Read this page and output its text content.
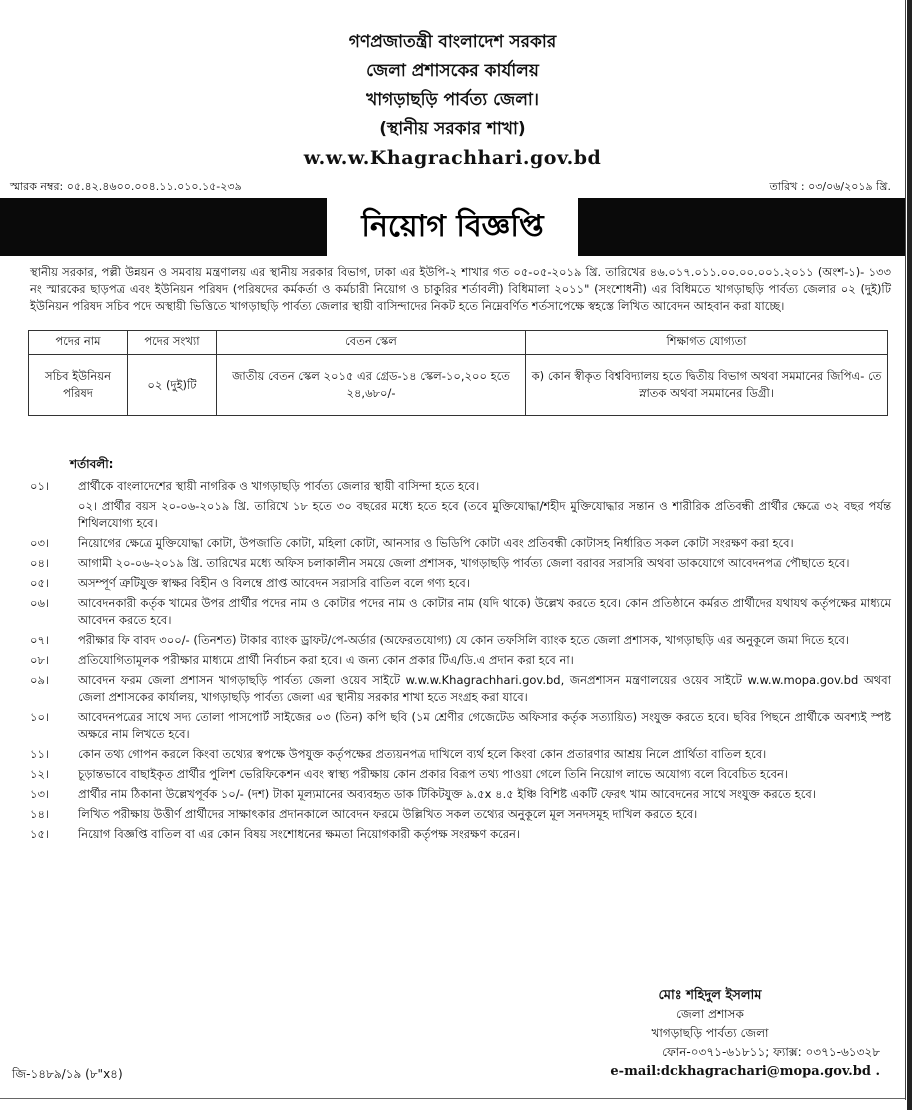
গণপ্রজাতন্ত্রী বাংলাদেশ সরকার
জেলা প্রশাসকের কার্যালয়
খাগড়াছড়ি পার্বত্য জেলা।
(স্থানীয় সরকার শাখা)
w.w.w.Khagrachhari.gov.bd
স্মারক নম্বর: ০৫.৪২.৪৬০০.০০৪.১১.০১০.১৫-২৩৯	তারিখ : ০৩/০৬/২০১৯ খ্রি.
নিয়োগ বিজ্ঞপ্তি
স্থানীয় সরকার, পল্লী উন্নয়ন ও সমবায় মন্ত্রণালয় এর স্থানীয় সরকার বিভাগ, ঢাকা এর ইউপি-২ শাখার গত ০৫-০৫-২০১৯ খ্রি. তারিখের ৪৬.০১৭.০১১.০০.০০.০০১.২০১১ (অংশ-১)- ১৩৩ নং স্মারকের ছাড়পত্র এবং ইউনিয়ন পরিষদ (পরিষদের কর্মকর্তা ও কর্মচারী নিয়োগ ও চাকুরির শর্তাবলী) বিধিমালা ২০১১" (সংশোধনী) এর বিধিমতে খাগড়াছড়ি পার্বত্য জেলার ০২ (দুই)টি ইউনিয়ন পরিষদ সচিব পদে অস্থায়ী ভিত্তিতে খাগড়াছড়ি পার্বত্য জেলার স্থায়ী বাসিন্দাদের নিকট হতে নিম্নেবর্ণিত শর্তসাপেক্ষে স্বহস্তে লিখিত আবেদন আহবান করা যাচ্ছে।
পদের নাম	পদের সংখ্যা	বেতন স্কেল	শিক্ষাগত যোগ্যতা
সচিব ইউনিয়ন পরিষদ	০২ (দুই)টি	জাতীয় বেতন স্কেল ২০১৫ এর গ্রেড-১৪ স্কেল-১০,২০০ হতে ২৪,৬৮০/-	ক) কোন স্বীকৃত বিশ্ববিদ্যালয় হতে দ্বিতীয় বিভাগ অথবা সমমানের জিপিএ- তে স্নাতক অথবা সমমানের ডিগ্রী।
শর্তাবলী:
০১।	প্রার্থীকে বাংলাদেশের স্থায়ী নাগরিক ও খাগড়াছড়ি পার্বত্য জেলার স্থায়ী বাসিন্দা হতে হবে।
০২। প্রার্থীর বয়স ২০-০৬-২০১৯ খ্রি. তারিখে ১৮ হতে ৩০ বছরের মধ্যে হতে হবে (তবে মুক্তিযোদ্ধা/শহীদ মুক্তিযোদ্ধার সন্তান ও শারীরিক প্রতিবন্ধী প্রার্থীর ক্ষেত্রে ৩২ বছর পর্যন্ত শিথিলযোগ্য হবে।
০৩।	নিয়োগের ক্ষেত্রে মুক্তিযোদ্ধা কোটা, উপজাতি কোটা, মহিলা কোটা, আনসার ও ভিডিপি কোটা এবং প্রতিবন্ধী কোটাসহ নির্ধারিত সকল কোটা সংরক্ষণ করা হবে।
০৪।	আগামী ২০-০৬-২০১৯ খ্রি. তারিখের মধ্যে অফিস চলাকালীন সময়ে জেলা প্রশাসক, খাগড়াছড়ি পার্বত্য জেলা বরাবর সরাসরি অথবা ডাকযোগে আবেদনপত্র পৌছাতে হবে।
০৫।	অসম্পূর্ণ ত্রুটিযুক্ত স্বাক্ষর বিহীন ও বিলম্বে প্রাপ্ত আবেদন সরাসরি বাতিল বলে গণ্য হবে।
০৬।	আবেদনকারী কর্তৃক খামের উপর প্রার্থীর পদের নাম ও কোটার পদের নাম ও কোটার নাম (যদি থাকে) উল্লেখ করতে হবে। কোন প্রতিষ্ঠানে কর্মরত প্রার্থীদের যথাযথ কর্তৃপক্ষের মাধ্যমে আবেদন করতে হবে।
০৭।	পরীক্ষার ফি বাবদ ৩০০/- (তিনশত) টাকার ব্যাংক ড্রাফট/পে-অর্ডার (অফেরতযোগ্য) যে কোন তফসিলি ব্যাংক হতে জেলা প্রশাসক, খাগড়াছড়ি এর অনুকূলে জমা দিতে হবে।
০৮।	প্রতিযোগিতামূলক পরীক্ষার মাধ্যমে প্রার্থী নির্বাচন করা হবে। এ জন্য কোন প্রকার টিএ/ডি.এ প্রদান করা হবে না।
০৯।	আবেদন ফরম জেলা প্রশাসন খাগড়াছড়ি পার্বত্য জেলা ওয়েব সাইটে w.w.w.Khagrachhari.gov.bd, জনপ্রশাসন মন্ত্রণালয়ের ওয়েব সাইটে w.w.w.mopa.gov.bd অথবা জেলা প্রশাসকের কার্যালয়, খাগড়াছড়ি পার্বত্য জেলা এর স্থানীয় সরকার শাখা হতে সংগ্রহ করা যাবে।
১০।	আবেদনপত্রের সাথে সদ্য তোলা পাসপোর্ট সাইজের ০৩ (তিন) কপি ছবি (১ম শ্রেণীর গেজেটেড অফিসার কর্তৃক সত্যায়িত) সংযুক্ত করতে হবে। ছবির পিছনে প্রার্থীকে অবশ্যই স্পষ্ট অক্ষরে নাম লিখতে হবে।
১১।	কোন তথ্য গোপন করলে কিংবা তথ্যের স্বপক্ষে উপযুক্ত কর্তৃপক্ষের প্রত্যয়নপত্র দাখিলে ব্যর্থ হলে কিংবা কোন প্রতারণার আশ্রয় নিলে প্রার্থিতা বাতিল হবে।
১২।	চূড়ান্তভাবে বাছাইকৃত প্রার্থীর পুলিশ ভেরিফিকেশন এবং স্বাস্থ্য পরীক্ষায় কোন প্রকার বিরূপ তথ্য পাওয়া গেলে তিনি নিয়োগ লাভে অযোগ্য বলে বিবেচিত হবেন।
১৩।	প্রার্থীর নাম ঠিকানা উল্লেখপূর্বক ১০/- (দশ) টাকা মূল্যমানের অব্যবহৃত ডাক টিকিটযুক্ত ৯.৫x ৪.৫ ইঞ্চি বিশিষ্ট একটি ফেরৎ খাম আবেদনের সাথে সংযুক্ত করতে হবে।
১৪।	লিখিত পরীক্ষায় উত্তীর্ণ প্রার্থীদের সাক্ষাৎকার প্রদানকালে আবেদন ফরমে উল্লিখিত সকল তথ্যের অনুকূলে মূল সনদসমূহ দাখিল করতে হবে।
১৫।	নিয়োগ বিজ্ঞপ্তি বাতিল বা এর কোন বিষয় সংশোধনের ক্ষমতা নিয়োগকারী কর্তৃপক্ষ সংরক্ষণ করেন।
মোঃ শহিদুল ইসলাম
জেলা প্রশাসক
খাগড়াছড়ি পার্বত্য জেলা
ফোন-০৩৭১-৬১৮১১; ফ্যাক্স: ০৩৭১-৬১৩২৮
e-mail:dckhagrachari@mopa.gov.bd .
জি-১৪৮৯/১৯ (৮"x৪)
